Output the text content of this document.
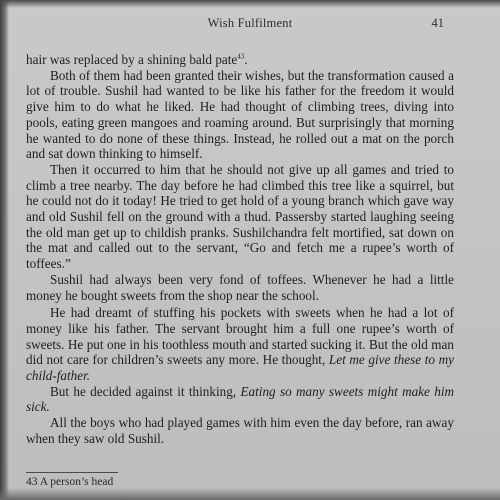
Wish Fulfilment	41

hair was replaced by a shining bald pate$^{43}$.

Both of them had been granted their wishes, but the transformation caused a lot of trouble. Sushil had wanted to be like his father for the freedom it would give him to do what he liked. He had thought of climbing trees, diving into pools, eating green mangoes and roaming around. But surprisingly that morning he wanted to do none of these things. Instead, he rolled out a mat on the porch and sat down thinking to himself.

Then it occurred to him that he should not give up all games and tried to climb a tree nearby. The day before he had climbed this tree like a squirrel, but he could not do it today! He tried to get hold of a young branch which gave way and old Sushil fell on the ground with a thud. Passersby started laughing seeing the old man get up to childish pranks. Sushilchandra felt mortified, sat down on the mat and called out to the servant, “Go and fetch me a rupee’s worth of toffees.”

Sushil had always been very fond of toffees. Whenever he had a little money he bought sweets from the shop near the school.

He had dreamt of stuffing his pockets with sweets when he had a lot of money like his father. The servant brought him a full one rupee’s worth of sweets. He put one in his toothless mouth and started sucking it. But the old man did not care for children’s sweets any more. He thought, Let me give these to my child-father.

But he decided against it thinking, Eating so many sweets might make him sick.

All the boys who had played games with him even the day before, ran away when they saw old Sushil.

43 A person’s head
